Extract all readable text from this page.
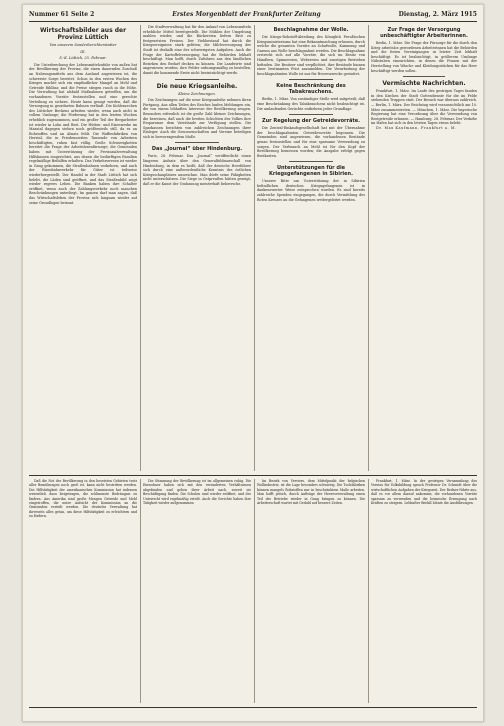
Nummer 61 Seite 2	Erstes Morgenblatt der Frankfurter Zeitung	Dienstag, 2. März 1915
Wirtschaftsbilder aus der Provinz Lüttich
Von unserem Sonderberichterstatter
III.
S.-K. Lüttich, 25. Februar.

Die Unterbrechung der Lebensmittelzufuhr von außen hat der Bevölkerung der Provinz, die einen dauernden Zuschuß an Nahrungsmitteln aus dem Ausland angewiesen ist, die schwerste Sorge bereitet. Schon in den ersten Wochen des Krieges machte sich ein empfindlicher Mangel an Mehl und Getreide fühlbar, und die Preise stiegen rasch in die Höhe. Die Verwaltung hat alsbald Maßnahmen getroffen, um die vorhandenen Vorräte festzustellen und eine gerechte Verteilung zu sichern. Heute kann gesagt werden, daß die Versorgung in geordneten Bahnen verläuft. Die Kohlenzechen des Lütticher Beckens arbeiten wieder, wenn auch nicht in vollem Umfange; die Förderung hat in den letzten Wochen erheblich zugenommen, und ein großer Teil der Bergarbeiter ist wieder in Lohn und Brot. Die Hütten- und Eisenwerke im Maastal dagegen stehen noch größtenteils still, da es an Rohstoffen und an Absatz fehlt. Die Waffenfabriken von Herstal, die in Friedenszeiten Tausende von Arbeitern beschäftigten, ruhen fast völlig. Große Schwierigkeiten bereitet die Frage der Arbeitslosenfürsorge; die Gemeinden haben mit Unterstützung der Provinzialverwaltung Hilfskassen eingerichtet, aus denen die bedürftigen Familien regelmäßige Beihilfen erhalten. Das Verkehrswesen ist wieder in Gang gekommen, die Straßenbahnen verkehren, und auch der Eisenbahnverkehr für Güter ist teilweise wiederhergestellt. Der Handel in der Stadt Lüttich hat sich belebt, die Läden sind geöffnet, und das Straßenbild zeigt wieder regeres Leben. Die Banken haben ihre Schalter eröffnet, wenn auch der Zahlungsverkehr noch manchen Beschränkungen unterliegt. Im ganzen darf man sagen, daß das Wirtschaftsleben der Provinz sich langsam wieder auf seine Grundlagen besinnt.

Die Stadtverwaltung hat für den Ankauf von Lebensmitteln erhebliche Mittel bereitgestellt. Die Mühlen der Umgebung mahlen wieder, und die Bäckereien liefern Brot zu festgesetzten Preisen. Der Viehbestand hat durch die Kriegsereignisse stark gelitten; die Milchversorgung der Stadt ist deshalb eine der schwierigsten Aufgaben. Auch die Frage der Kartoffelversorgung hat die Behörden lebhaft beschäftigt. Man hofft, durch Zufuhren aus den ländlichen Bezirken den Bedarf decken zu können. Die Landwirte sind angewiesen worden, ihre Felder ordnungsmäßig zu bestellen, damit die kommende Ernte nicht beeinträchtigt werde.

Die neue Kriegsanleihe.
Kleine Zeichnungen.

Die Zeichnungen auf die neue Kriegsanleihe nehmen ihren Fortgang. Aus allen Teilen des Reiches laufen Meldungen ein, die von einem lebhaften Interesse der Bevölkerung zeugen. Besonders erfreulich ist die große Zahl kleiner Zeichnungen, die beweisen, daß auch die breiten Schichten des Volkes ihre Ersparnisse dem Vaterlande zur Verfügung stellen. Die Sparkassen berichten von zahlreichen Zeichnungen ihrer Einleger. Auch die Genossenschaften und Vereine beteiligen sich in hervorragendem Maße.

Das „Journal“ über Hindenburg.

Paris, 28. Februar. Das „Journal“ veröffentlicht einen längeren Aufsatz über den Generalfeldmarschall von Hindenburg, in dem es heißt, daß der deutsche Heerführer sich durch eine außerordentliche Kenntnis des östlichen Kriegsschauplatzes auszeichne. Man dürfe seine Fähigkeiten nicht unterschätzen. Die Siege in Ostpreußen hätten gezeigt, daß er die Kunst der Umfassung meisterhaft beherrsche.

Beschlagnahme der Wolle.

Die Kriegs-Rohstoff-Abteilung des Königlich Preußischen Kriegsministeriums hat eine Bekanntmachung erlassen, durch welche die gesamten Vorräte an Schafwolle, Kammzug und Garnen aus Wolle beschlagnahmt werden. Die Beschlagnahme erstreckt sich auf alle Vorräte, die sich im Besitz von Händlern, Spinnereien, Webereien und sonstigen Betrieben befinden. Die Besitzer sind verpflichtet, ihre Bestände binnen einer bestimmten Frist anzumelden. Die Verarbeitung der beschlagnahmten Wolle ist nur für Heereszwecke gestattet.

Keine Beschränkung des Tabakrauchens.

Berlin, 1. März. Von zuständiger Stelle wird mitgeteilt, daß eine Beschränkung des Tabakrauchens nicht beabsichtigt ist. Die umlaufenden Gerüchte entbehren jeder Grundlage.

Zur Regelung der Getreidevorräte.

Die Zentral-Einkaufsgesellschaft hat mit der Übernahme der beschlagnahmten Getreidevorräte begonnen. Die Gemeinden sind angewiesen, die vorhandenen Bestände genau festzustellen und für eine sparsame Verwendung zu sorgen. Der Verbrauch an Mehl ist für den Kopf der Bevölkerung bemessen worden; die Ausgabe erfolgt gegen Brotkarten.

Unterstützungen für die Kriegsgefangenen in Sibirien.

Unserer Bitte um Unterstützung der in Sibirien befindlichen deutschen Kriegsgefangenen ist in dankenswerter Weise entsprochen worden. Es sind bereits zahlreiche Spenden eingegangen, die durch Vermittlung des Roten Kreuzes an die Gefangenen weitergeleitet werden.

Zur Frage der Versorgung unbeschäftigter Arbeiterinnen.

Berlin, 1. März. Die Frage der Fürsorge für die durch den Krieg arbeitslos gewordenen Arbeiterinnen hat die Behörden und die freien Vereinigungen in letzter Zeit lebhaft beschäftigt. Es ist beabsichtigt, in größerem Umfange Nähstuben einzurichten, in denen die Frauen mit der Herstellung von Wäsche und Kleidungsstücken für das Heer beschäftigt werden sollen.

Vermischte Nachrichten.

Frankfurt, 1. März. Im Laufe des gestrigen Tages fanden in den Kirchen der Stadt Gottesdienste für die im Felde stehenden Truppen statt. Der Besuch war überaus zahlreich. — Berlin, 1. März. Der Reichstag wird voraussichtlich am 10. März zusammentreten. — München, 1. März. Die bayerische Regierung hat eine Verordnung über die Verwendung von Brotgetreide erlassen. — Hamburg, 28. Februar. Der Verkehr im Hafen hat sich in den letzten Tagen etwas belebt.

Dr. Max Kaufmann, Frankfurt a. M.

Daß die Not der Bevölkerung in den besetzten Gebieten trotz aller Bemühungen noch groß ist, kann nicht bestritten werden. Die Hilfstätigkeit der amerikanischen Kommission hat indessen wesentlich dazu beigetragen, die schlimmste Bedrängnis zu lindern. Aus Amerika sind große Mengen Getreide und Mehl eingetroffen, die unter Aufsicht der Kommission an die Gemeinden verteilt werden. Die deutsche Verwaltung hat ihrerseits alles getan, um diese Hilfstätigkeit zu erleichtern und zu fördern.

Die Stimmung der Bevölkerung ist im allgemeinen ruhig. Die Einwohner haben sich mit den veränderten Verhältnissen abgefunden und gehen ihrer Arbeit nach, soweit sie Beschäftigung finden. Die Schulen sind wieder eröffnet, und der Unterricht wird regelmäßig erteilt. Auch die Gerichte haben ihre Tätigkeit wieder aufgenommen.

Im Bezirk von Verviers, dem Mittelpunkt der belgischen Wollindustrie, ist die Lage besonders schwierig. Die Tuchfabriken können mangels Rohstoffen nur in beschränktem Maße arbeiten. Man hofft jedoch, durch Aufträge der Heeresverwaltung einen Teil der Betriebe wieder in Gang bringen zu können. Die Arbeiterschaft wartet mit Geduld auf bessere Zeiten.

Frankfurt, 1. März. In der gestrigen Versammlung des Vereins für Volksbildung sprach Professor Dr. Schmidt über die wirtschaftlichen Aufgaben der Kriegszeit. Der Redner führte aus, daß es vor allem darauf ankomme, die vorhandenen Vorräte sparsam zu verwenden und die heimische Erzeugung nach Kräften zu steigern. Lebhafter Beifall lohnte die Ausführungen.
